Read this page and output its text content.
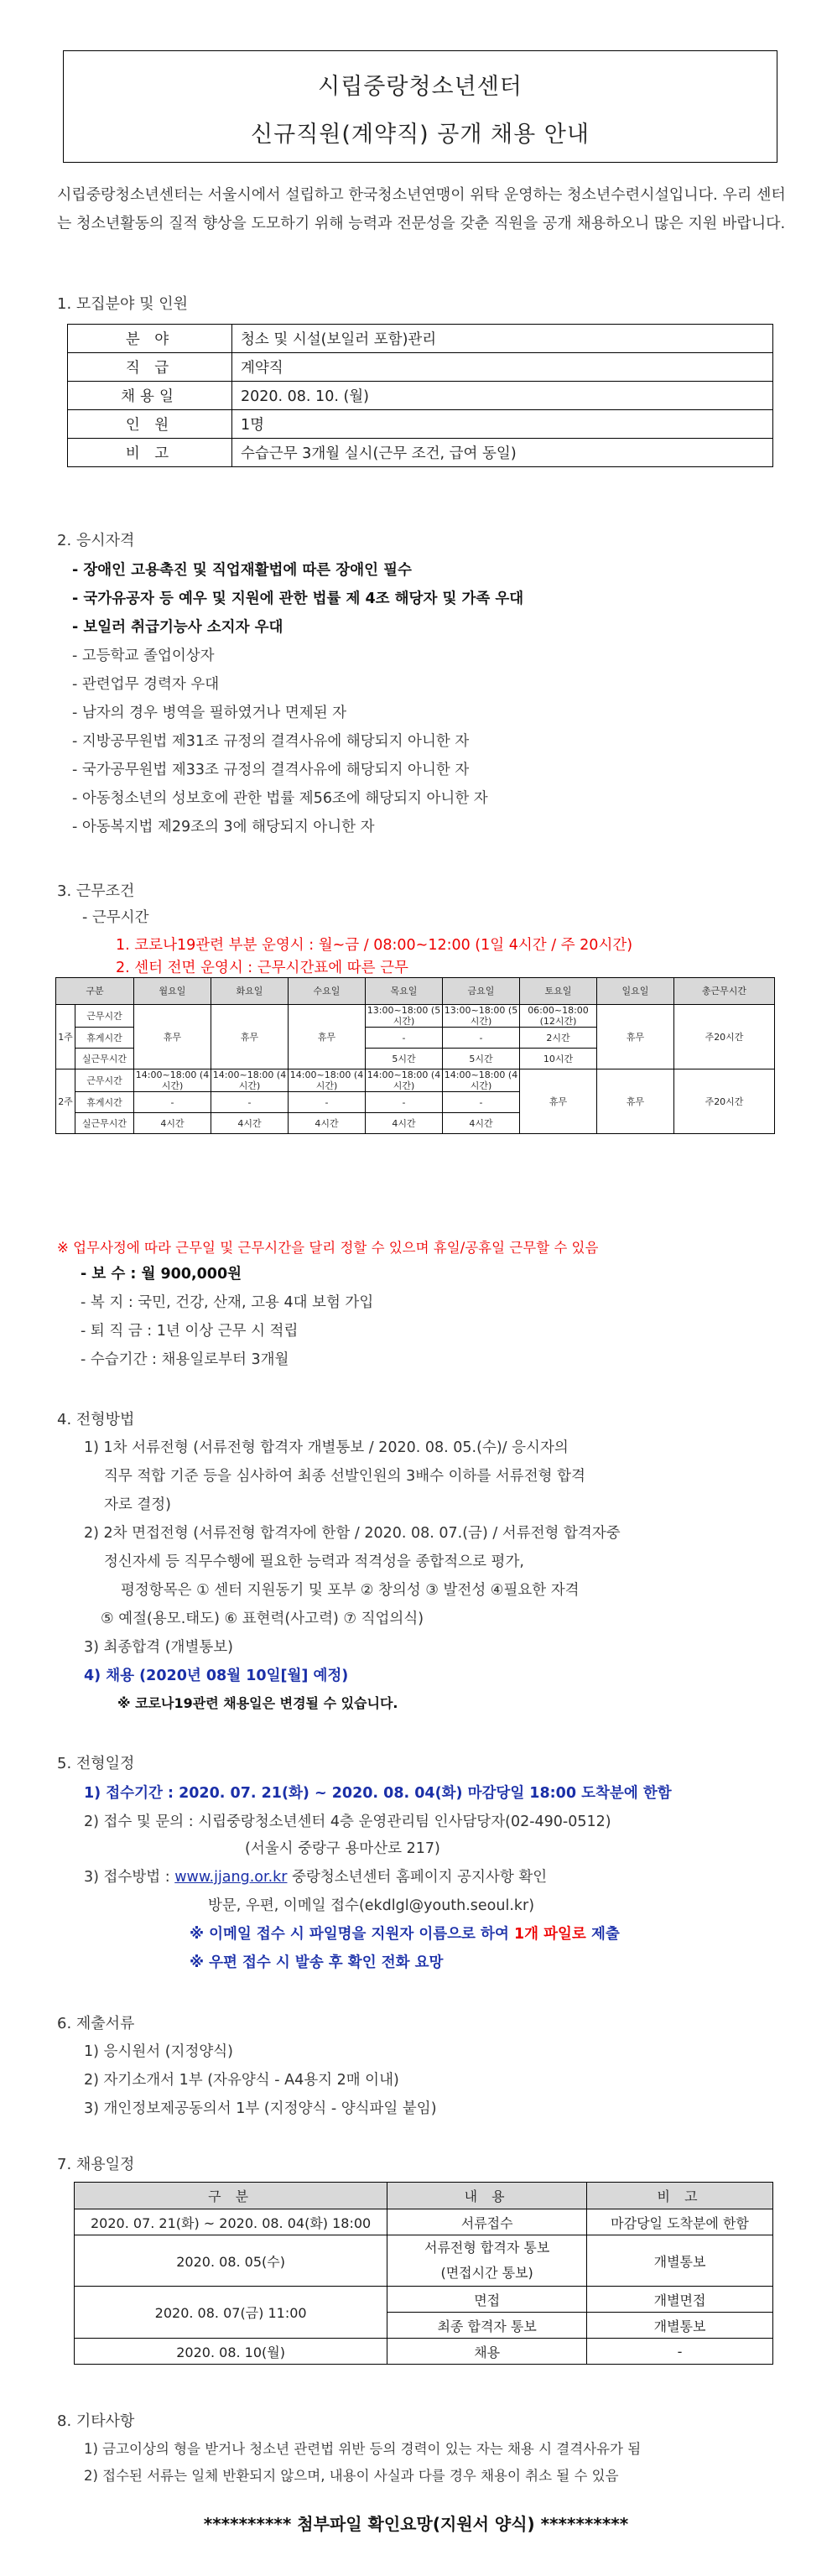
시립중랑청소년센터
신규직원(계약직) 공개 채용 안내
시립중랑청소년센터는 서울시에서 설립하고 한국청소년연맹이 위탁 운영하는 청소년수련시설입니다. 우리 센터는 청소년활동의 질적 향상을 도모하기 위해 능력과 전문성을 갖춘 직원을 공개 채용하오니 많은 지원 바랍니다.
1. 모집분야 및 인원
분 야	청소 및 시설(보일러 포함)관리
직 급	계약직
채용일	2020. 08. 10. (월)
인 원	1명
비 고	수습근무 3개월 실시(근무 조건, 급여 동일)
2. 응시자격
- 장애인 고용촉진 및 직업재활법에 따른 장애인 필수
- 국가유공자 등 예우 및 지원에 관한 법률 제 4조 해당자 및 가족 우대
- 보일러 취급기능사 소지자 우대
- 고등학교 졸업이상자
- 관련업무 경력자 우대
- 남자의 경우 병역을 필하였거나 면제된 자
- 지방공무원법 제31조 규정의 결격사유에 해당되지 아니한 자
- 국가공무원법 제33조 규정의 결격사유에 해당되지 아니한 자
- 아동청소년의 성보호에 관한 법률 제56조에 해당되지 아니한 자
- 아동복지법 제29조의 3에 해당되지 아니한 자
3. 근무조건
- 근무시간
1. 코로나19관련 부분 운영시 : 월~금 / 08:00~12:00 (1일 4시간 / 주 20시간)
2. 센터 전면 운영시 : 근무시간표에 따른 근무
구분		월요일	화요일	수요일	목요일	금요일	토요일	일요일	총근무시간
1주	근무시간	휴무	휴무	휴무	13:00~18:00 (5시간)	13:00~18:00 (5시간)	06:00~18:00 (12시간)	휴무	주20시간
	휴게시간				-	-	2시간		
	실근무시간				5시간	5시간	10시간		
2주	근무시간	14:00~18:00 (4시간)	14:00~18:00 (4시간)	14:00~18:00 (4시간)	14:00~18:00 (4시간)	14:00~18:00 (4시간)	휴무	휴무	주20시간
	휴게시간	-	-	-	-	-			
	실근무시간	4시간	4시간	4시간	4시간	4시간			
※ 업무사정에 따라 근무일 및 근무시간을 달리 정할 수 있으며 휴일/공휴일 근무할 수 있음
- 보 수 : 월 900,000원
- 복 지 : 국민, 건강, 산재, 고용 4대 보험 가입
- 퇴 직 금 : 1년 이상 근무 시 적립
- 수습기간 : 채용일로부터 3개월
4. 전형방법
1) 1차 서류전형 (서류전형 합격자 개별통보 / 2020. 08. 05.(수)/ 응시자의
직무 적합 기준 등을 심사하여 최종 선발인원의 3배수 이하를 서류전형 합격
자로 결정)
2) 2차 면접전형 (서류전형 합격자에 한함 / 2020. 08. 07.(금) / 서류전형 합격자중
정신자세 등 직무수행에 필요한 능력과 적격성을 종합적으로 평가,
평정항목은 ① 센터 지원동기 및 포부 ② 창의성 ③ 발전성 ④필요한 자격
⑤ 예절(용모.태도) ⑥ 표현력(사고력) ⑦ 직업의식)
3) 최종합격 (개별통보)
4) 채용 (2020년 08월 10일[월] 예정)
※ 코로나19관련 채용일은 변경될 수 있습니다.
5. 전형일정
1) 접수기간 : 2020. 07. 21(화) ~ 2020. 08. 04(화) 마감당일 18:00 도착분에 한함
2) 접수 및 문의 : 시립중랑청소년센터 4층 운영관리팀 인사담당자(02-490-0512)
(서울시 중랑구 용마산로 217)
3) 접수방법 : www.jjang.or.kr 중랑청소년센터 홈페이지 공지사항 확인
방문, 우편, 이메일 접수(ekdlgl@youth.seoul.kr)
※ 이메일 접수 시 파일명을 지원자 이름으로 하여 1개 파일로 제출
※ 우편 접수 시 발송 후 확인 전화 요망
6. 제출서류
1) 응시원서 (지정양식)
2) 자기소개서 1부 (자유양식 - A4용지 2매 이내)
3) 개인정보제공동의서 1부 (지정양식 - 양식파일 붙임)
7. 채용일정
구 분	내 용	비 고
2020. 07. 21(화) ~ 2020. 08. 04(화) 18:00	서류접수	마감당일 도착분에 한함
2020. 08. 05(수)	서류전형 합격자 통보
(면접시간 통보)	개별통보
2020. 08. 07(금) 11:00	면접	개별면접
	최종 합격자 통보	개별통보
2020. 08. 10(월)	채용	-
8. 기타사항
1) 금고이상의 형을 받거나 청소년 관련법 위반 등의 경력이 있는 자는 채용 시 결격사유가 됨
2) 접수된 서류는 일체 반환되지 않으며, 내용이 사실과 다를 경우 채용이 취소 될 수 있음
********** 첨부파일 확인요망(지원서 양식) **********
